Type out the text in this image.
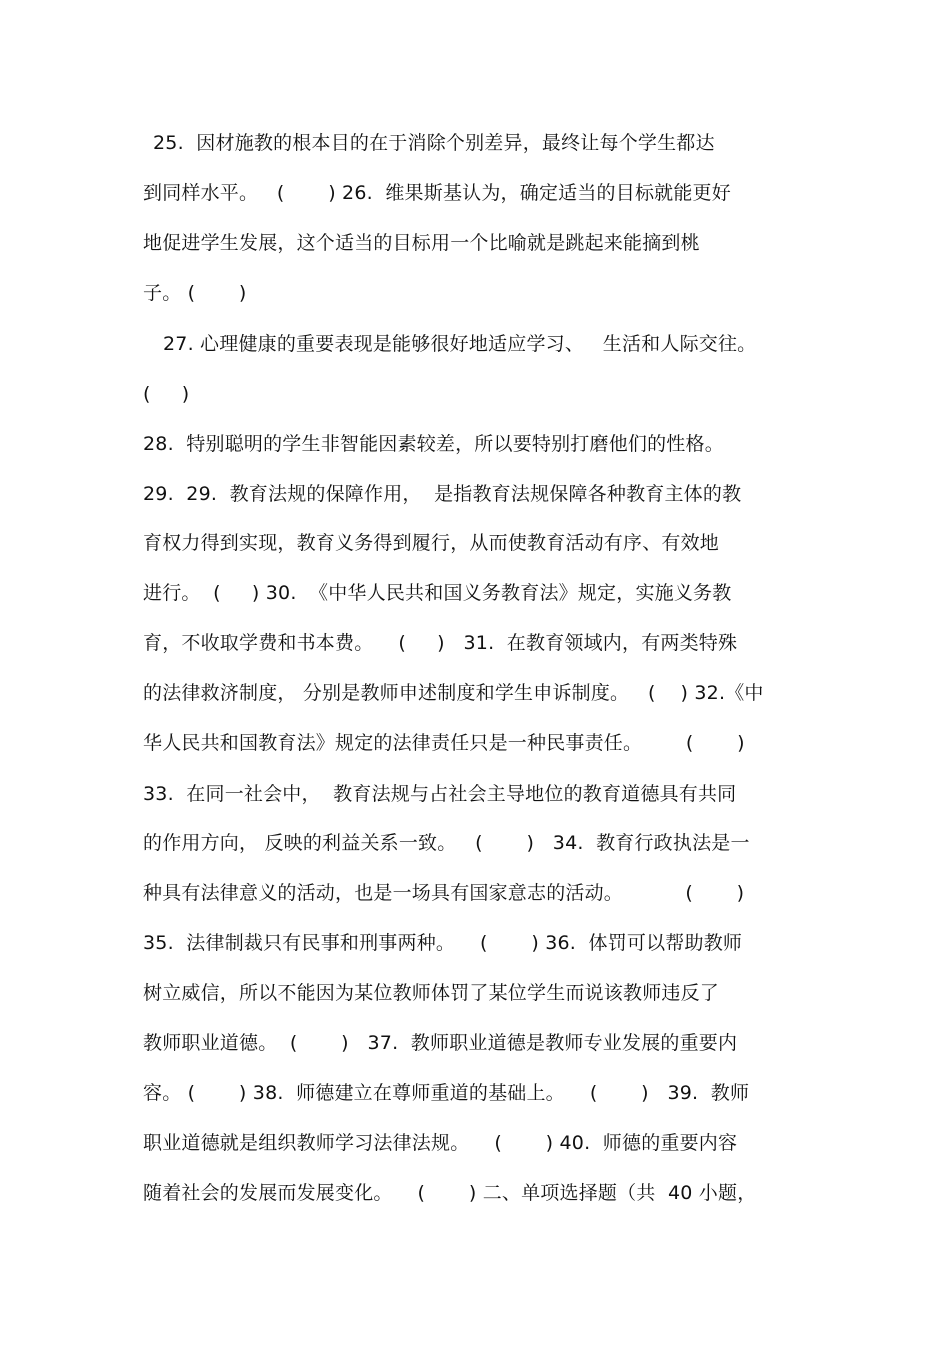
25.  因材施教的根本目的在于消除个别差异，最终让每个学生都达
到同样水平。   (       ) 26.  维果斯基认为，确定适当的目标就能更好
地促进学生发展，这个适当的目标用一个比喻就是跳起来能摘到桃
子。 (       )
27. 心理健康的重要表现是能够很好地适应学习、   生活和人际交往。
(     )
28.  特别聪明的学生非智能因素较差，所以要特别打磨他们的性格。
29.  29.  教育法规的保障作用，  是指教育法规保障各种教育主体的教
育权力得到实现，教育义务得到履行，从而使教育活动有序、有效地
进行。  (     ) 30.  《中华人民共和国义务教育法》规定，实施义务教
育，不收取学费和书本费。    (     )   31.  在教育领域内，有两类特殊
的法律救济制度， 分别是教师申述制度和学生申诉制度。   (    ) 32.《中
华人民共和国教育法》规定的法律责任只是一种民事责任。       (       )
33.  在同一社会中，  教育法规与占社会主导地位的教育道德具有共同
的作用方向， 反映的利益关系一致。   (       )   34.  教育行政执法是一
种具有法律意义的活动，也是一场具有国家意志的活动。          (       )
35.  法律制裁只有民事和刑事两种。    (       ) 36.  体罚可以帮助教师
树立威信，所以不能因为某位教师体罚了某位学生而说该教师违反了
教师职业道德。  (       )   37.  教师职业道德是教师专业发展的重要内
容。 (       ) 38.  师德建立在尊师重道的基础上。    (       )   39.  教师
职业道德就是组织教师学习法律法规。    (       ) 40.  师德的重要内容
随着社会的发展而发展变化。    (       ) 二、单项选择题（共  40 小题，
